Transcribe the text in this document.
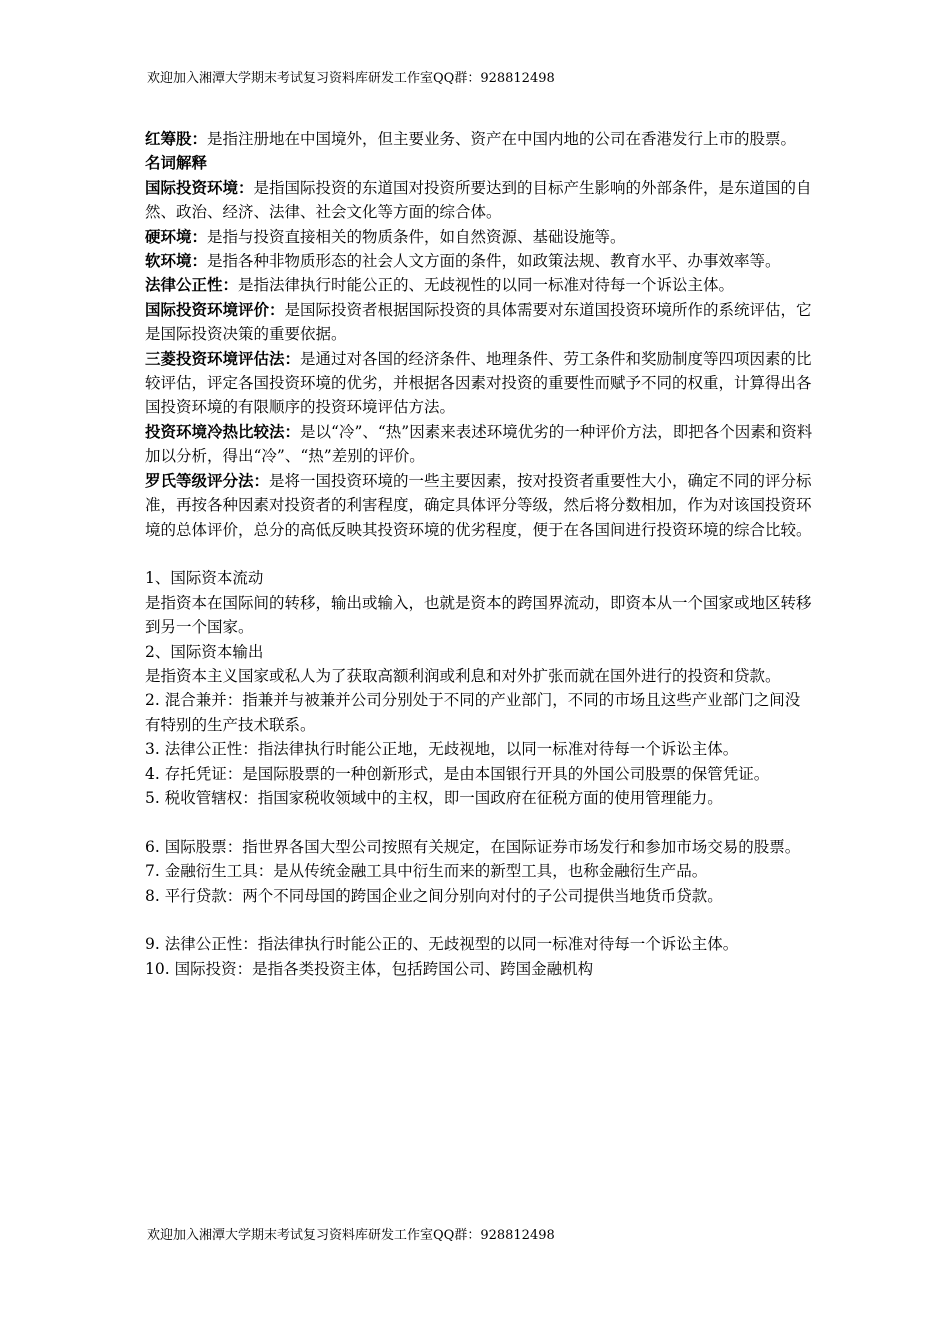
欢迎加入湘潭大学期末考试复习资料库研发工作室QQ群：928812498

红筹股：是指注册地在中国境外，但主要业务、资产在中国内地的公司在香港发行上市的股票。

名词解释

国际投资环境：是指国际投资的东道国对投资所要达到的目标产生影响的外部条件，是东道国的自然、政治、经济、法律、社会文化等方面的综合体。

硬环境：是指与投资直接相关的物质条件，如自然资源、基础设施等。

软环境：是指各种非物质形态的社会人文方面的条件，如政策法规、教育水平、办事效率等。

法律公正性：是指法律执行时能公正的、无歧视性的以同一标准对待每一个诉讼主体。

国际投资环境评价：是国际投资者根据国际投资的具体需要对东道国投资环境所作的系统评估，它是国际投资决策的重要依据。

三菱投资环境评估法：是通过对各国的经济条件、地理条件、劳工条件和奖励制度等四项因素的比较评估，评定各国投资环境的优劣，并根据各因素对投资的重要性而赋予不同的权重，计算得出各国投资环境的有限顺序的投资环境评估方法。

投资环境冷热比较法：是以“冷”、“热”因素来表述环境优劣的一种评价方法，即把各个因素和资料加以分析，得出“冷”、“热”差别的评价。

罗氏等级评分法：是将一国投资环境的一些主要因素，按对投资者重要性大小，确定不同的评分标准，再按各种因素对投资者的利害程度，确定具体评分等级，然后将分数相加，作为对该国投资环境的总体评价，总分的高低反映其投资环境的优劣程度，便于在各国间进行投资环境的综合比较。

1、国际资本流动

是指资本在国际间的转移，输出或输入，也就是资本的跨国界流动，即资本从一个国家或地区转移到另一个国家。

2、国际资本输出

是指资本主义国家或私人为了获取高额利润或利息和对外扩张而就在国外进行的投资和贷款。

2. 混合兼并：指兼并与被兼并公司分别处于不同的产业部门，不同的市场且这些产业部门之间没有特别的生产技术联系。

3. 法律公正性：指法律执行时能公正地，无歧视地，以同一标准对待每一个诉讼主体。

4. 存托凭证：是国际股票的一种创新形式，是由本国银行开具的外国公司股票的保管凭证。

5. 税收管辖权：指国家税收领域中的主权，即一国政府在征税方面的使用管理能力。

6. 国际股票：指世界各国大型公司按照有关规定，在国际证券市场发行和参加市场交易的股票。

7. 金融衍生工具：是从传统金融工具中衍生而来的新型工具，也称金融衍生产品。

8. 平行贷款：两个不同母国的跨国企业之间分别向对付的子公司提供当地货币贷款。

9. 法律公正性：指法律执行时能公正的、无歧视型的以同一标准对待每一个诉讼主体。

10. 国际投资：是指各类投资主体，包括跨国公司、跨国金融机构

欢迎加入湘潭大学期末考试复习资料库研发工作室QQ群：928812498
